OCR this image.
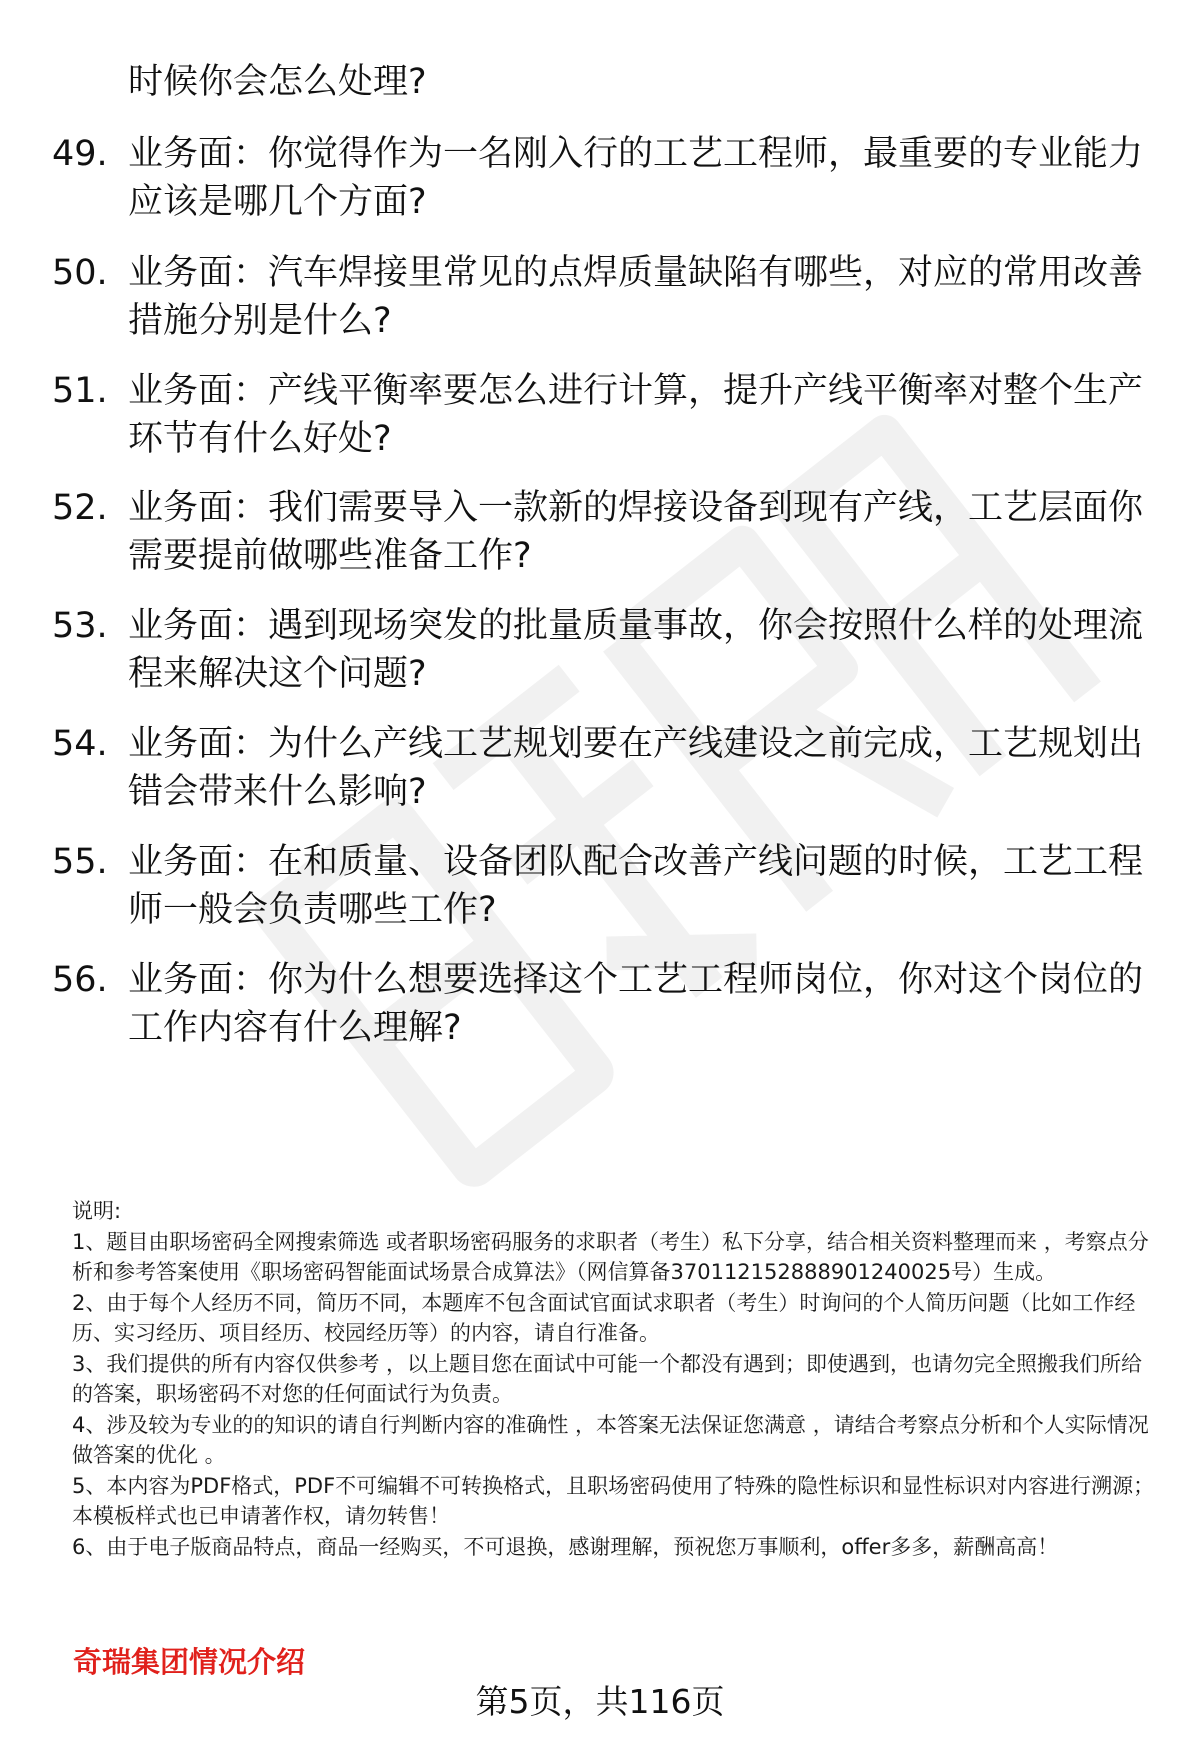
时候你会怎么处理?
49. 业务面：你觉得作为一名刚入行的工艺工程师，最重要的专业能力应该是哪几个方面?
50. 业务面：汽车焊接里常见的点焊质量缺陷有哪些，对应的常用改善措施分别是什么?
51. 业务面：产线平衡率要怎么进行计算，提升产线平衡率对整个生产环节有什么好处?
52. 业务面：我们需要导入一款新的焊接设备到现有产线，工艺层面你需要提前做哪些准备工作?
53. 业务面：遇到现场突发的批量质量事故，你会按照什么样的处理流程来解决这个问题?
54. 业务面：为什么产线工艺规划要在产线建设之前完成，工艺规划出错会带来什么影响?
55. 业务面：在和质量、设备团队配合改善产线问题的时候，工艺工程师一般会负责哪些工作?
56. 业务面：你为什么想要选择这个工艺工程师岗位，你对这个岗位的工作内容有什么理解?

说明:

1、题目由职场密码全网搜索筛选 或者职场密码服务的求职者（考生）私下分享，结合相关资料整理而来 ，考察点分析和参考答案使用《职场密码智能面试场景合成算法》（网信算备370112152888901240025号）生成。

2、由于每个人经历不同，简历不同，本题库不包含面试官面试求职者（考生）时询问的个人简历问题（比如工作经历、实习经历、项目经历、校园经历等）的内容，请自行准备。

3、我们提供的所有内容仅供参考 ，以上题目您在面试中可能一个都没有遇到；即使遇到，也请勿完全照搬我们所给的答案，职场密码不对您的任何面试行为负责。

4、涉及较为专业的的知识的请自行判断内容的准确性 ，本答案无法保证您满意 ，请结合考察点分析和个人实际情况做答案的优化 。

5、本内容为PDF格式，PDF不可编辑不可转换格式，且职场密码使用了特殊的隐性标识和显性标识对内容进行溯源；本模板样式也已申请著作权，请勿转售！

6、由于电子版商品特点，商品一经购买，不可退换，感谢理解，预祝您万事顺利，offer多多，薪酬高高！

奇瑞集团情况介绍
第5页，共116页
